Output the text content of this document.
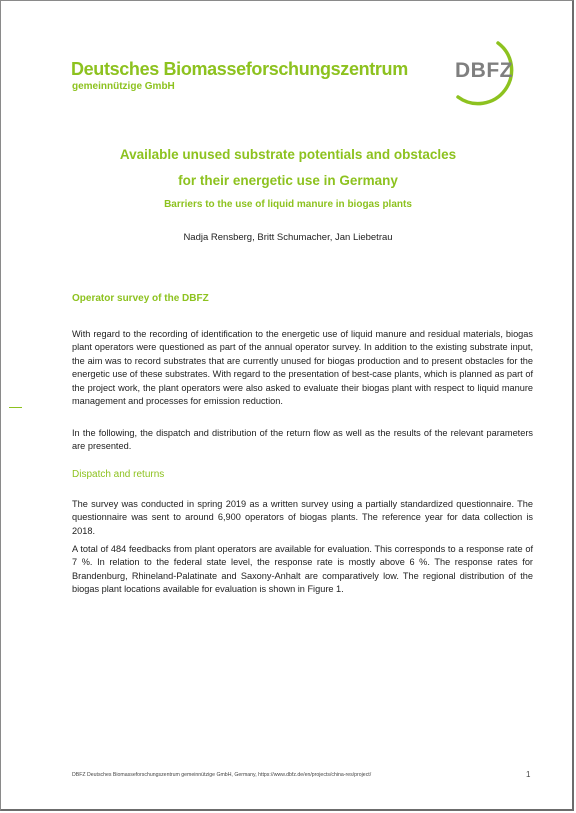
Deutsches Biomasseforschungszentrum
gemeinnützige GmbH
DBFZ
Available unused substrate potentials and obstacles
for their energetic use in Germany
Barriers to the use of liquid manure in biogas plants
Nadja Rensberg, Britt Schumacher, Jan Liebetrau
Operator survey of the DBFZ
With regard to the recording of identification to the energetic use of liquid manure and residual materials, biogas plant operators were questioned as part of the annual operator survey. In addition to the existing substrate input, the aim was to record substrates that are currently unused for biogas production and to present obstacles for the energetic use of these substrates. With regard to the presentation of best-case plants, which is planned as part of the project work, the plant operators were also asked to evaluate their biogas plant with respect to liquid manure management and processes for emission reduction.
In the following, the dispatch and distribution of the return flow as well as the results of the relevant parameters are presented.
Dispatch and returns
The survey was conducted in spring 2019 as a written survey using a partially standardized questionnaire. The questionnaire was sent to around 6,900 operators of biogas plants. The reference year for data collection is 2018.
A total of 484 feedbacks from plant operators are available for evaluation. This corresponds to a response rate of 7 %. In relation to the federal state level, the response rate is mostly above 6 %. The response rates for Brandenburg, Rhineland-Palatinate and Saxony-Anhalt are comparatively low. The regional distribution of the biogas plant locations available for evaluation is shown in Figure 1.
DBFZ Deutsches Biomasseforschungszentrum gemeinnützige GmbH, Germany, https://www.dbfz.de/en/projects/china-res/project/	1
